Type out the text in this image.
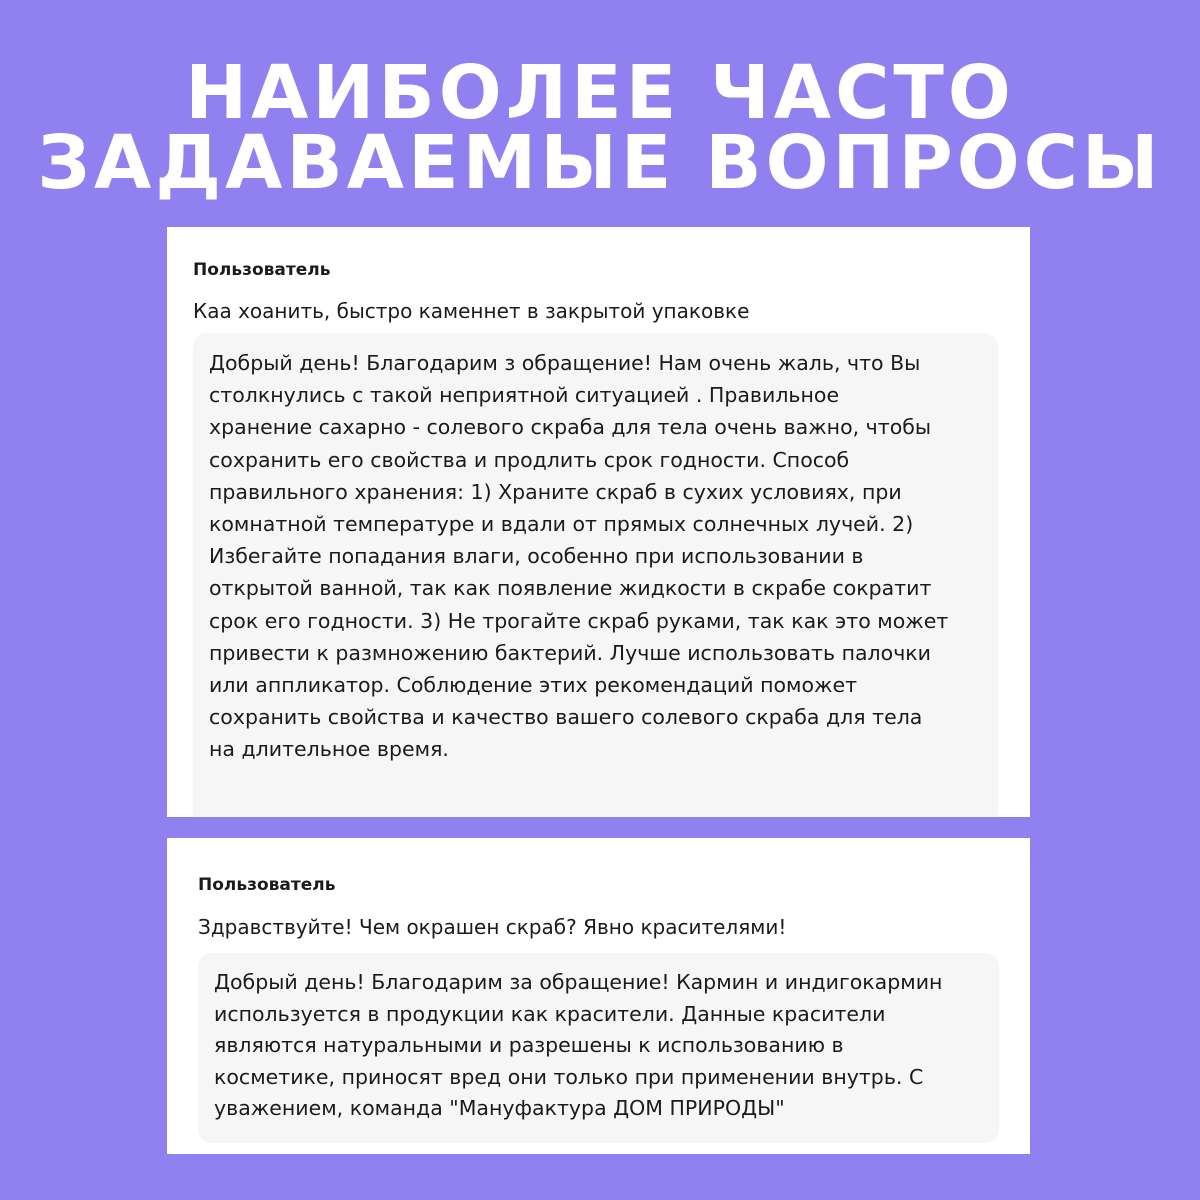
НАИБОЛЕЕ ЧАСТО
ЗАДАВАЕМЫЕ ВОПРОСЫ
Пользователь
Каа хоанить, быстро каменнет в закрытой упаковке
Добрый день! Благодарим з обращение! Нам очень жаль, что Вы
столкнулись с такой неприятной ситуацией . Правильное
хранение сахарно - солевого скраба для тела очень важно, чтобы
сохранить его свойства и продлить срок годности. Способ
правильного хранения: 1) Храните скраб в сухих условиях, при
комнатной температуре и вдали от прямых солнечных лучей. 2)
Избегайте попадания влаги, особенно при использовании в
открытой ванной, так как появление жидкости в скрабе сократит
срок его годности. 3) Не трогайте скраб руками, так как это может
привести к размножению бактерий. Лучше использовать палочки
или аппликатор. Соблюдение этих рекомендаций поможет
сохранить свойства и качество вашего солевого скраба для тела
на длительное время.
Пользователь
Здравствуйте! Чем окрашен скраб? Явно красителями!
Добрый день! Благодарим за обращение! Кармин и индигокармин
используется в продукции как красители. Данные красители
являются натуральными и разрешены к использованию в
косметике, приносят вред они только при применении внутрь. С
уважением, команда "Мануфактура ДОМ ПРИРОДЫ"
